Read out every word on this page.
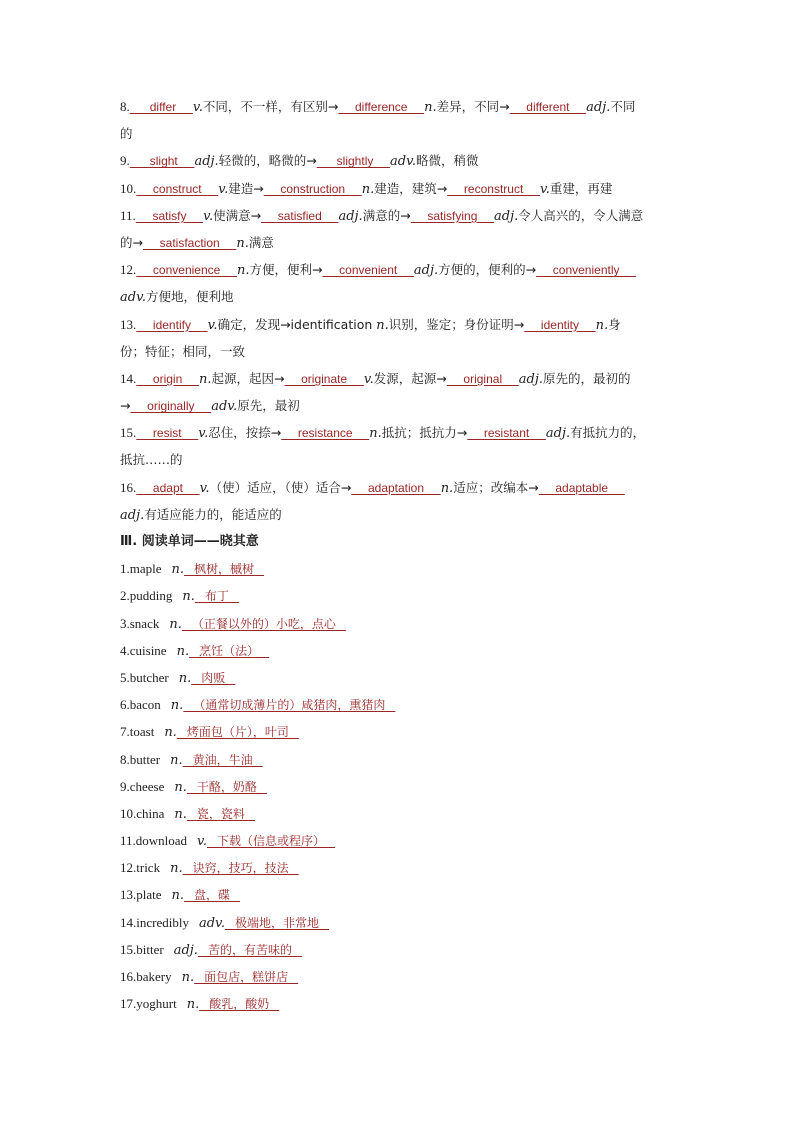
8.      differ     v.不同，不一样，有区别→     difference     n.差异，不同→     different     adj.不同
的
9.      slight     adj.轻微的，略微的→      slightly     adv.略微，稍微
10.     construct     v.建造→     construction     n.建造，建筑→     reconstruct     v.重建，再建
11.     satisfy     v.使满意→     satisfied     adj.满意的→     satisfying     adj.令人高兴的，令人满意
的→     satisfaction     n.满意
12.     convenience     n.方便，便利→     convenient     adj.方便的，便利的→     conveniently
adv.方便地，便利地
13.     identify     v.确定，发现→identification n.识别，鉴定；身份证明→     identity     n.身
份；特征；相同，一致
14.     origin     n.起源，起因→     originate     v.发源，起源→     original     adj.原先的，最初的
→     originally     adv.原先，最初
15.     resist     v.忍住，按捺→     resistance     n.抵抗；抵抗力→     resistant     adj.有抵抗力的，
抵抗……的
16.     adapt     v.（使）适应，（使）适合→     adaptation     n.适应；改编本→     adaptable
adj.有适应能力的，能适应的
Ⅲ. 阅读单词——晓其意
1.maple n.   枫树，槭树
2.pudding n.   布丁
3.snack n.   （正餐以外的）小吃，点心
4.cuisine n.   烹饪（法）
5.butcher n.   肉贩
6.bacon n.   （通常切成薄片的）咸猪肉，熏猪肉
7.toast n.   烤面包（片），叶司
8.butter n.   黄油，牛油
9.cheese n.   干酪，奶酪
10.china n.   瓷，瓷料
11.download v.   下载（信息或程序）
12.trick n.   诀窍，技巧，技法
13.plate n.   盘，碟
14.incredibly adv.   极端地，非常地
15.bitter adj.   苦的，有苦味的
16.bakery n.   面包店，糕饼店
17.yoghurt n.   酸乳，酸奶
